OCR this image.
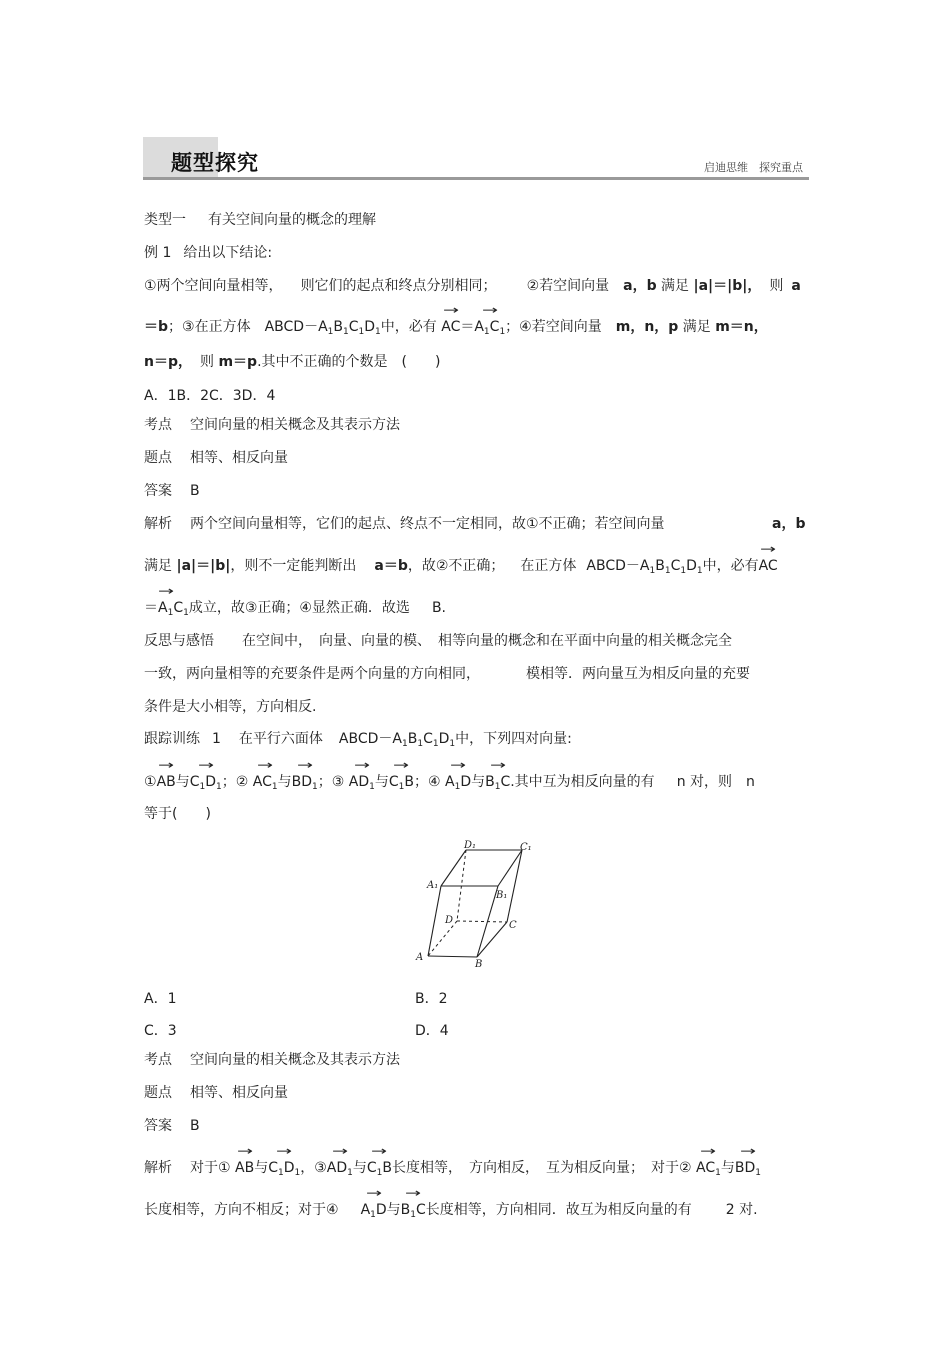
题型探究	启迪思维　探究重点
类型一 有关空间向量的概念的理解
例 1 给出以下结论:
①两个空间向量相等， 则它们的起点和终点分别相同； ②若空间向量 a，b 满足 |a|＝|b|， 则 a
＝b；③在正方体 $ABCD-A_1B_1C_1D_1$中，必有 → $AC=\to A_1C_1$；④若空间向量 m，n，p 满足 m＝n，
n＝p， 则 m＝p.其中不正确的个数是　(　　)
A．1B．2C．3D．4
考点 空间向量的相关概念及其表示方法
题点 相等、相反向量
答案 B
解析 两个空间向量相等，它们的起点、终点不一定相同，故①不正确；若空间向量	a，b
满足 |a|＝|b|，则不一定能判断出 a＝b，故②不正确； 在正方体 $ABCD-A_1B_1C_1D_1$中，必有→ AC
→ $=A_1C_1$成立，故③正确；④显然正确．故选 B.
反思与感悟 在空间中，　向量、向量的模、　相等向量的概念和在平面中向量的相关概念完全
一致，两向量相等的充要条件是两个向量的方向相同，	模相等．两向量互为相反向量的充要
条件是大小相等，方向相反.
跟踪训练 1 在平行六面体 $ABCD-A_1B_1C_1D_1$中，下列四对向量:
①→ AB与→ $C_1D_1$；② → $AC_1$与→ $BD_1$；③ → $AD_1$与→ $C_1B$；④ → $A_1D$与→ $B_1C$.其中互为相反向量的有 n 对，则　n
等于(　　)
D₁	C₁
A₁
B₁
D	C
A
B
A．1	B．2
C．3	D．4
考点 空间向量的相关概念及其表示方法
题点 相等、相反向量
答案 B
解析 对于① → AB与→ $C_1D_1$，③→ $AD_1$与→ $C_1B$长度相等，　方向相反，　互为相反向量；　对于② → $AC_1$与→ $BD_1$
长度相等，方向不相反；对于④ → $A_1D$与→ $B_1C$长度相等，方向相同．故互为相反向量的有 2 对.
